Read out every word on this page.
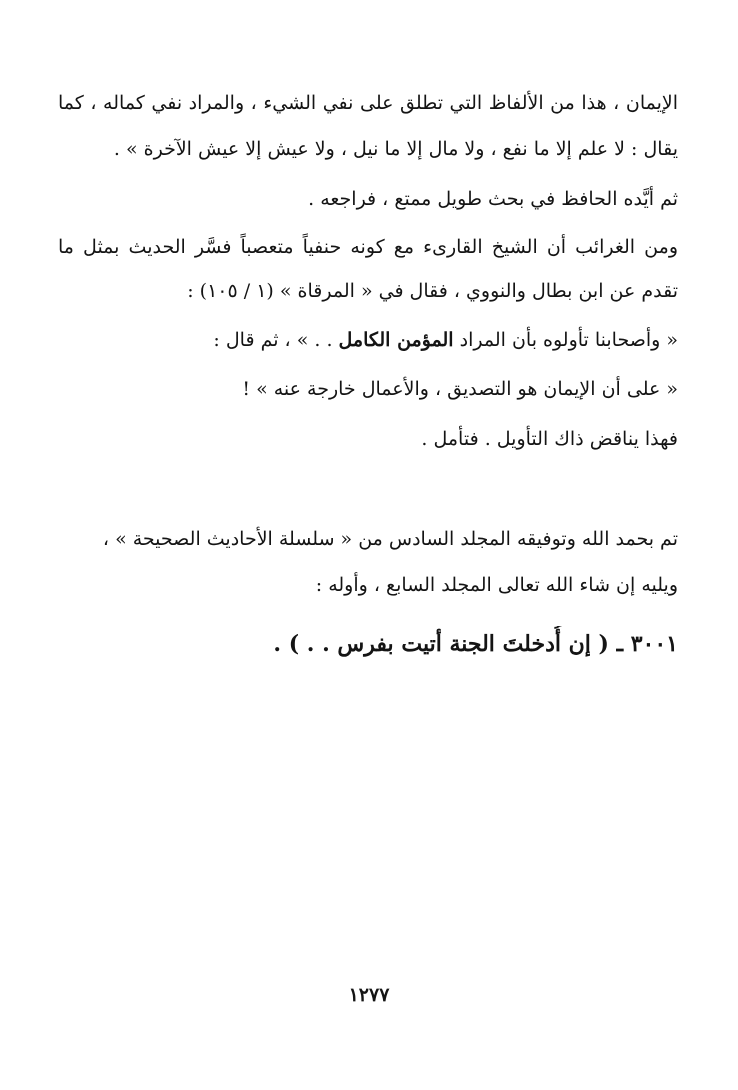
الإيمان ، هذا من الألفاظ التي تطلق على نفي الشيء ، والمراد نفي كماله ، كما
يقال : لا علم إلا ما نفع ، ولا مال إلا ما نيل ، ولا عيش إلا عيش الآخرة » .
ثم أيَّده الحافظ في بحث طويل ممتع ، فراجعه .
ومن الغرائب أن الشيخ القارىء مع كونه حنفياً متعصباً فسَّر الحديث بمثل ما
تقدم عن ابن بطال والنووي ، فقال في « المرقاة » (١ / ١٠٥) :
« وأصحابنا تأولوه بأن المراد المؤمن الكامل . . » ، ثم قال :
« على أن الإيمان هو التصديق ، والأعمال خارجة عنه » !
فهذا يناقض ذاك التأويل . فتأمل .
تم بحمد الله وتوفيقه المجلد السادس من « سلسلة الأحاديث الصحيحة » ،
ويليه إن شاء الله تعالى المجلد السابع ، وأوله :
٣٠٠١ ـ ( إن أُدخلتَ الجنة أتيت بفرس . . ) .
١٢٧٧
